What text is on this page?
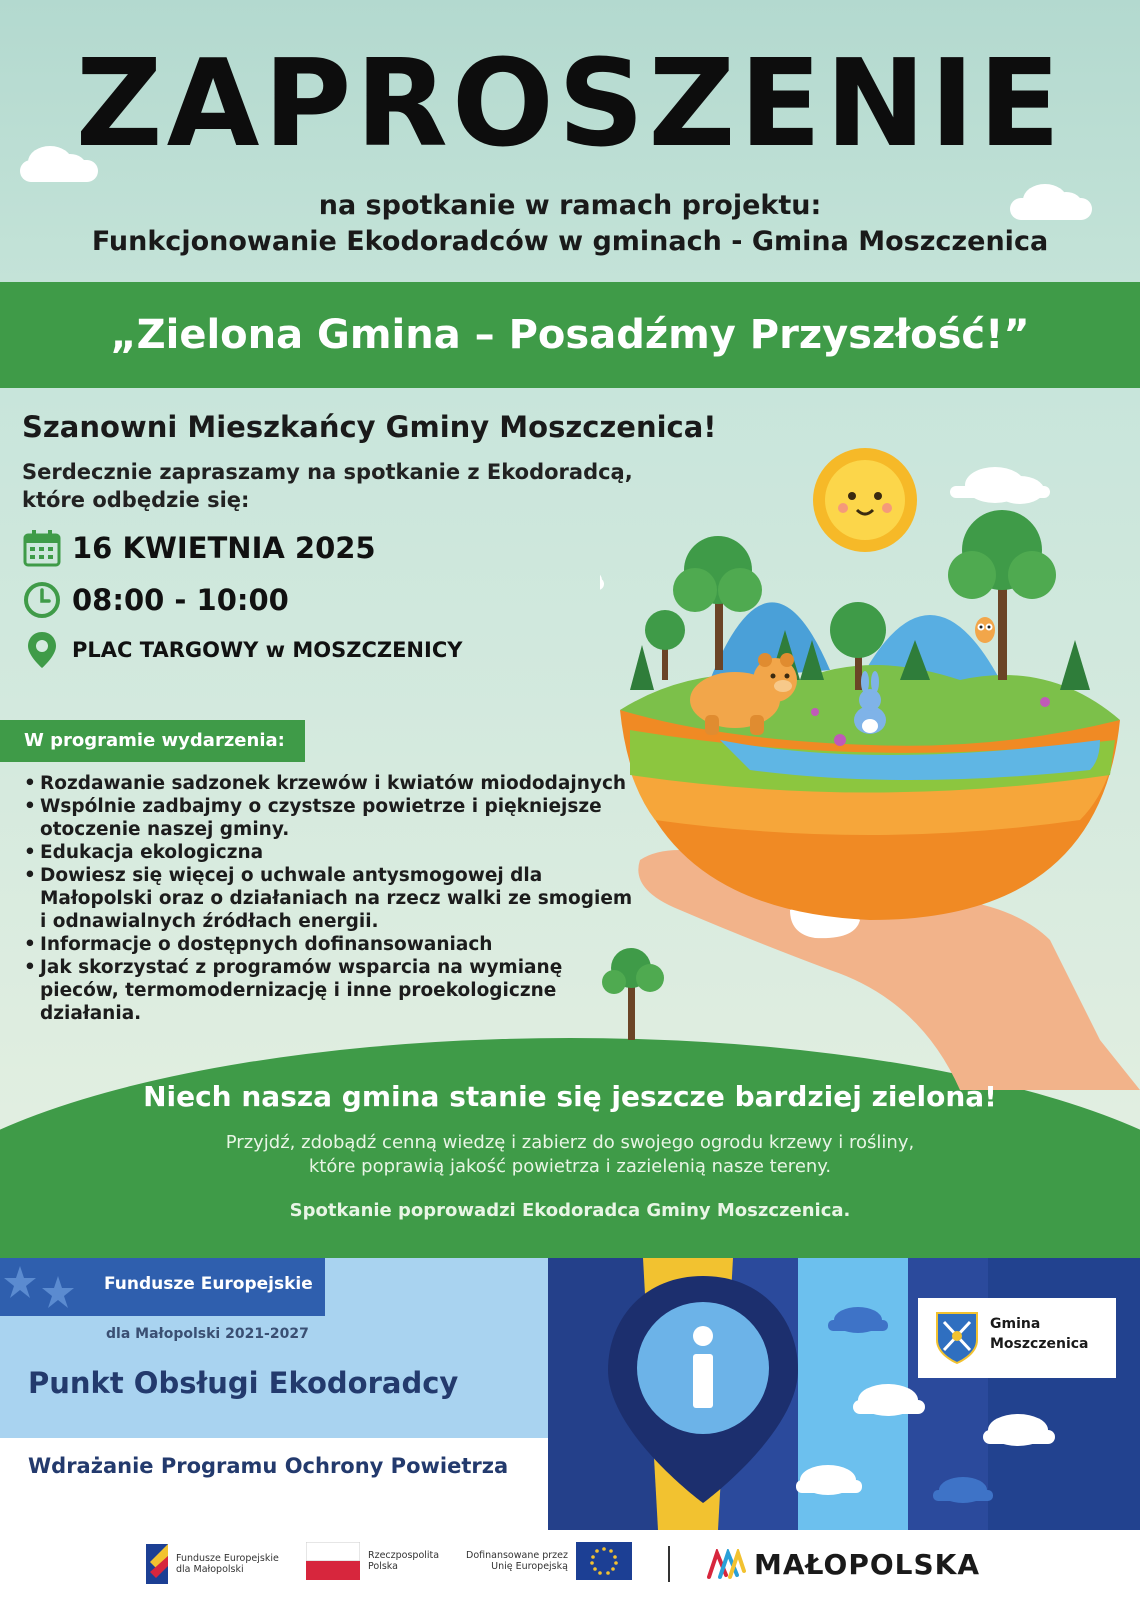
ZAPROSZENIE
na spotkanie w ramach projektu:
Funkcjonowanie Ekodoradców w gminach - Gmina Moszczenica
„Zielona Gmina – Posadźmy Przyszłość!”
Szanowni Mieszkańcy Gminy Moszczenica!

Serdecznie zapraszamy na spotkanie z Ekodoradcą, które odbędzie się:

16 KWIETNIA 2025
08:00 - 10:00
PLAC TARGOWY w MOSZCZENICY
W programie wydarzenia:
• Rozdawanie sadzonek krzewów i kwiatów miododajnych
• Wspólnie zadbajmy o czystsze powietrze i piękniejsze otoczenie naszej gminy.
• Edukacja ekologiczna
• Dowiesz się więcej o uchwale antysmogowej dla Małopolski oraz o działaniach na rzecz walki ze smogiem i odnawialnych źródłach energii.
• Informacje o dostępnych dofinansowaniach
• Jak skorzystać z programów wsparcia na wymianę pieców, termomodernizację i inne proekologiczne działania.
Niech nasza gmina stanie się jeszcze bardziej zielona!
Przyjdź, zdobądź cenną wiedzę i zabierz do swojego ogrodu krzewy i rośliny,
które poprawią jakość powietrza i zazielenią nasze tereny.
Spotkanie poprowadzi Ekodoradca Gminy Moszczenica.
Fundusze Europejskie
dla Małopolski 2021-2027
Punkt Obsługi Ekodoradcy
Wdrażanie Programu Ochrony Powietrza
Gmina
Moszczenica
Fundusze Europejskie
dla Małopolski
Rzeczpospolita
Polska
Dofinansowane przez
Unię Europejską	MAŁOPOLSKA
